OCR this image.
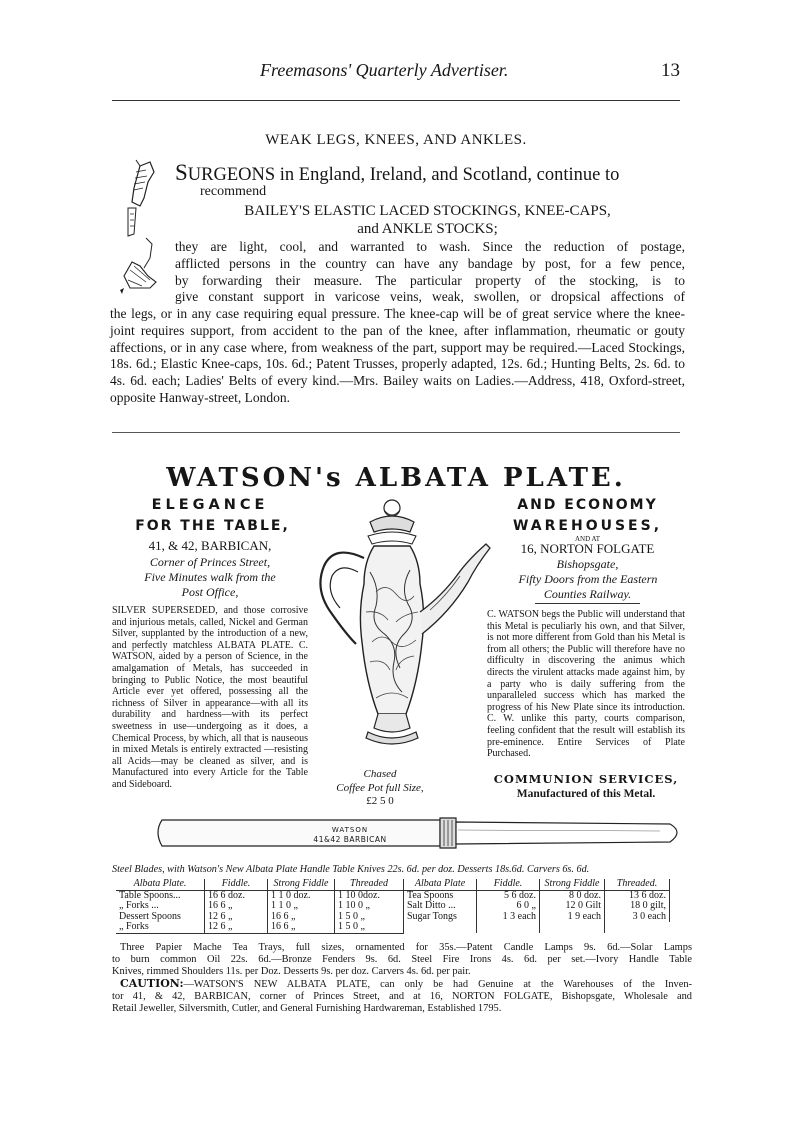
Freemasons' Quarterly Advertiser.	13
WEAK LEGS, KNEES, AND ANKLES.
SURGEONS in England, Ireland, and Scotland, continue to
recommend
BAILEY'S ELASTIC LACED STOCKINGS, KNEE-CAPS,
and ANKLE STOCKS;
they are light, cool, and warranted to wash. Since the reduction of postage,
afflicted persons in the country can have any bandage by post, for a few pence,
by forwarding their measure. The particular property of the stocking, is to
give constant support in varicose veins, weak, swollen, or dropsical affections of
the legs, or in any case requiring equal pressure. The knee-cap will be of great service where the knee-joint requires support, from accident to the pan of the knee, after inflammation, rheumatic or gouty affections, or in any case where, from weakness of the part, support may be required.—Laced Stockings, 18s. 6d.; Elastic Knee-caps, 10s. 6d.; Patent Trusses, properly adapted, 12s. 6d.; Hunting Belts, 2s. 6d. to 4s. 6d. each; Ladies' Belts of every kind.—Mrs. Bailey waits on Ladies.—Address, 418, Oxford-street, opposite Hanway-street, London.
WATSON's ALBATA PLATE.
ELEGANCE
FOR THE TABLE,
41, & 42, BARBICAN,
Corner of Princes Street,
Five Minutes walk from the
Post Office,
AND ECONOMY
WAREHOUSES,
AND AT
16, NORTON FOLGATE
Bishopsgate,
Fifty Doors from the Eastern
Counties Railway.
Chased
Coffee Pot full Size,
£2 5 0
SILVER SUPERSEDED, and those corrosive and injurious metals, called, Nickel and German Silver, supplanted by the introduction of a new, and perfectly matchless ALBATA PLATE. C. WATSON, aided by a person of Science, in the amalgamation of Metals, has succeeded in bringing to Public Notice, the most beautiful Article ever yet offered, possessing all the richness of Silver in appearance—with all its durability and hardness—with its perfect sweetness in use—undergoing as it does, a Chemical Process, by which, all that is nauseous in mixed Metals is entirely extracted —resisting all Acids—may be cleaned as silver, and is Manufactured into every Article for the Table and Sideboard.
C. WATSON begs the Public will understand that this Metal is peculiarly his own, and that Silver, is not more different from Gold than his Metal is from all others; the Public will therefore have no difficulty in discovering the animus which directs the virulent attacks made against him, by a party who is daily suffering from the unparalleled success which has marked the progress of his New Plate since its introduction. C. W. unlike this party, courts comparison, feeling confident that the result will establish its pre-eminence. Entire Services of Plate Purchased.
COMMUNION SERVICES,
Manufactured of this Metal.
WATSON
41&42 BARBICAN
Steel Blades, with Watson's New Albata Plate Handle Table Knives 22s. 6d. per doz. Desserts 18s.6d. Carvers 6s. 6d.
Albata Plate.	Fiddle.	Strong Fiddle	Threaded	Albata Plate	Fiddle.	Strong Fiddle	Threaded.
Table Spoons...	16 6 doz.	1 1 0 doz.	1 10 0doz.	Tea Spoons	5 6 doz.	8 0 doz.	13 6 doz.
„ Forks ...	16 6 „	1 1 0 „	1 10 0 „	Salt Ditto ...	6 0 „	12 0 Gilt	18 0 gilt,
Dessert Spoons	12 6 „	16 6 „	1 5 0 „	Sugar Tongs	1 3 each	1 9 each	3 0 each
„ Forks	12 6 „	16 6 „	1 5 0 „				
Three Papier Mache Tea Trays, full sizes, ornamented for 35s.—Patent Candle Lamps 9s. 6d.—Solar Lamps
to burn common Oil 22s. 6d.—Bronze Fenders 9s. 6d. Steel Fire Irons 4s. 6d. per set.—Ivory Handle Table
Knives, rimmed Shoulders 11s. per Doz. Desserts 9s. per doz. Carvers 4s. 6d. per pair.
CAUTION:—WATSON'S NEW ALBATA PLATE, can only be had Genuine at the Warehouses of the Inven-
tor 41, & 42, BARBICAN, corner of Princes Street, and at 16, NORTON FOLGATE, Bishopsgate, Wholesale and
Retail Jeweller, Silversmith, Cutler, and General Furnishing Hardwareman, Established 1795.
